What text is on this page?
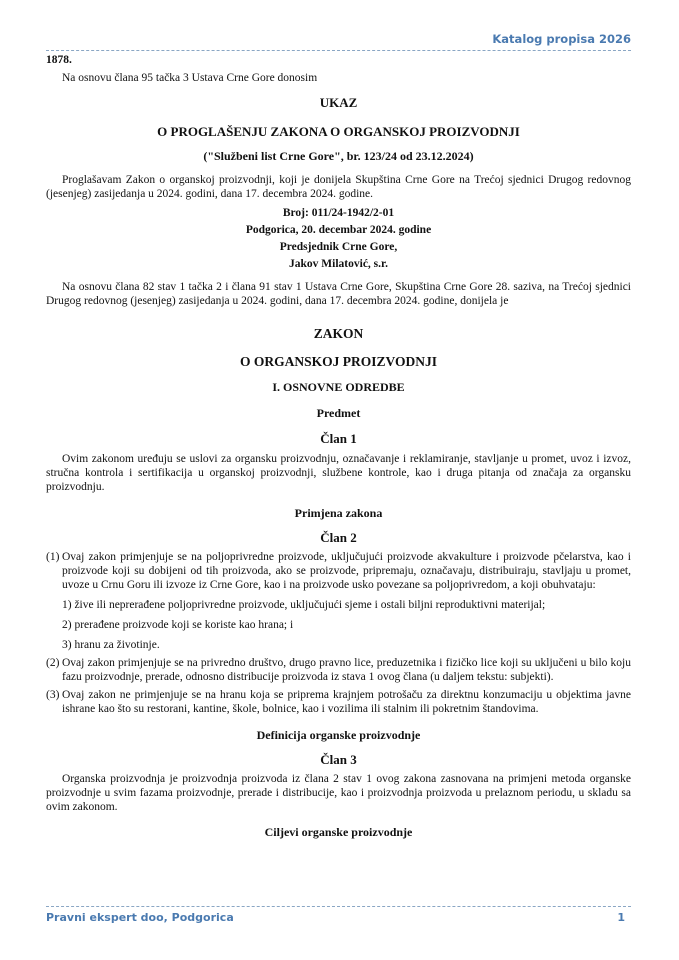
Katalog propisa 2026

1878.

Na osnovu člana 95 tačka 3 Ustava Crne Gore donosim

UKAZ

O PROGLAŠENJU ZAKONA O ORGANSKOJ PROIZVODNJI

("Službeni list Crne Gore", br. 123/24 od 23.12.2024)

Proglašavam Zakon o organskoj proizvodnji, koji je donijela Skupština Crne Gore na Trećoj sjednici Drugog redovnog (jesenjeg) zasijedanja u 2024. godini, dana 17. decembra 2024. godine.

Broj: 011/24-1942/2-01

Podgorica, 20. decembar 2024. godine

Predsjednik Crne Gore,

Jakov Milatović, s.r.

Na osnovu člana 82 stav 1 tačka 2 i člana 91 stav 1 Ustava Crne Gore, Skupština Crne Gore 28. saziva, na Trećoj sjednici Drugog redovnog (jesenjeg) zasijedanja u 2024. godini, dana 17. decembra 2024. godine, donijela je

ZAKON

O ORGANSKOJ PROIZVODNJI

I. OSNOVNE ODREDBE

Predmet

Član 1

Ovim zakonom uređuju se uslovi za organsku proizvodnju, označavanje i reklamiranje, stavljanje u promet, uvoz i izvoz, stručna kontrola i sertifikacija u organskoj proizvodnji, službene kontrole, kao i druga pitanja od značaja za organsku proizvodnju.

Primjena zakona

Član 2

(1) Ovaj zakon primjenjuje se na poljoprivredne proizvode, uključujući proizvode akvakulture i proizvode pčelarstva, kao i proizvode koji su dobijeni od tih proizvoda, ako se proizvode, pripremaju, označavaju, distribuiraju, stavljaju u promet, uvoze u Crnu Goru ili izvoze iz Crne Gore, kao i na proizvode usko povezane sa poljoprivredom, a koji obuhvataju:

1) žive ili neprerađene poljoprivredne proizvode, uključujući sjeme i ostali biljni reproduktivni materijal;

2) prerađene proizvode koji se koriste kao hrana; i

3) hranu za životinje.

(2) Ovaj zakon primjenjuje se na privredno društvo, drugo pravno lice, preduzetnika i fizičko lice koji su uključeni u bilo koju fazu proizvodnje, prerade, odnosno distribucije proizvoda iz stava 1 ovog člana (u daljem tekstu: subjekti).
(3) Ovaj zakon ne primjenjuje se na hranu koja se priprema krajnjem potrošaču za direktnu konzumaciju u objektima javne ishrane kao što su restorani, kantine, škole, bolnice, kao i vozilima ili stalnim ili pokretnim štandovima.

Definicija organske proizvodnje

Član 3

Organska proizvodnja je proizvodnja proizvoda iz člana 2 stav 1 ovog zakona zasnovana na primjeni metoda organske proizvodnje u svim fazama proizvodnje, prerade i distribucije, kao i proizvodnja proizvoda u prelaznom periodu, u skladu sa ovim zakonom.

Ciljevi organske proizvodnje

Pravni ekspert doo, Podgorica	1
